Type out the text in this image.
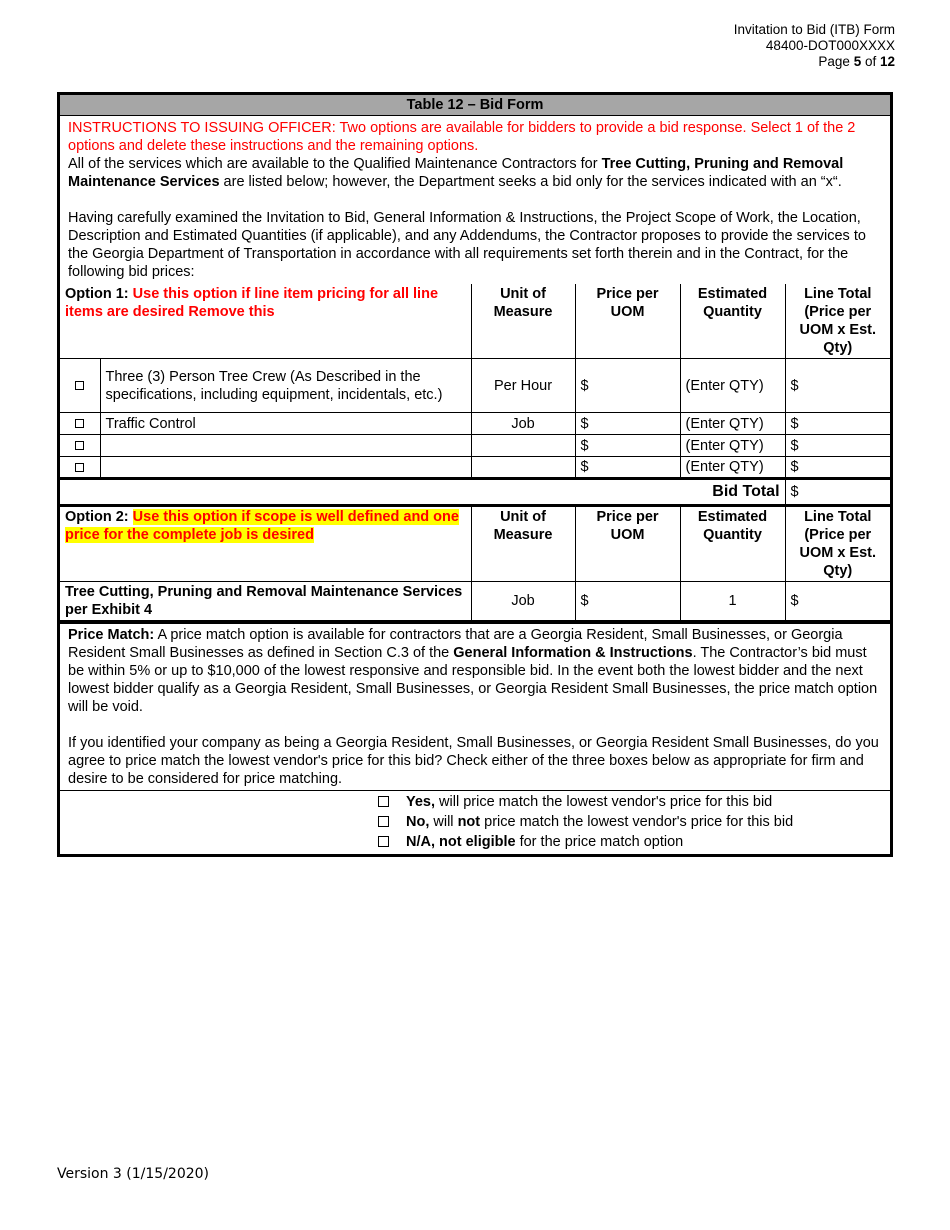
Invitation to Bid (ITB) Form
48400-DOT000XXXX
Page 5 of 12
Table 12 – Bid Form
INSTRUCTIONS TO ISSUING OFFICER: Two options are available for bidders to provide a bid response. Select 1 of the 2 options and delete these instructions and the remaining options.
All of the services which are available to the Qualified Maintenance Contractors for Tree Cutting, Pruning and Removal Maintenance Services are listed below; however, the Department seeks a bid only for the services indicated with an “x“.
Having carefully examined the Invitation to Bid, General Information & Instructions, the Project Scope of Work, the Location, Description and Estimated Quantities (if applicable), and any Addendums, the Contractor proposes to provide the services to the Georgia Department of Transportation in accordance with all requirements set forth therein and in the Contract, for the following bid prices:
Option 1: Use this option if line item pricing for all line items are desired Remove this		Unit of Measure	Price per UOM	Estimated Quantity	Line Total (Price per UOM x Est. Qty)
	Three (3) Person Tree Crew (As Described in the specifications, including equipment, incidentals, etc.)	Per Hour	$	(Enter QTY)	$
	Traffic Control	Job	$	(Enter QTY)	$
			$	(Enter QTY)	$
			$	(Enter QTY)	$
Bid Total					$
Option 2: Use this option if scope is well defined and one price for the complete job is desired		Unit of Measure	Price per UOM	Estimated Quantity	Line Total (Price per UOM x Est. Qty)
Tree Cutting, Pruning and Removal Maintenance Services per Exhibit 4		Job	$	1	$

Price Match: A price match option is available for contractors that are a Georgia Resident, Small Businesses, or Georgia Resident Small Businesses as defined in Section C.3 of the General Information & Instructions. The Contractor’s bid must be within 5% or up to $10,000 of the lowest responsive and responsible bid. In the event both the lowest bidder and the next lowest bidder qualify as a Georgia Resident, Small Businesses, or Georgia Resident Small Businesses, the price match option will be void.

If you identified your company as being a Georgia Resident, Small Businesses, or Georgia Resident Small Businesses, do you agree to price match the lowest vendor's price for this bid? Check either of the three boxes below as appropriate for firm and desire to be considered for price matching.

Yes, will price match the lowest vendor's price for this bid
No, will not price match the lowest vendor's price for this bid
N/A, not eligible for the price match option
Version 3 (1/15/2020)
